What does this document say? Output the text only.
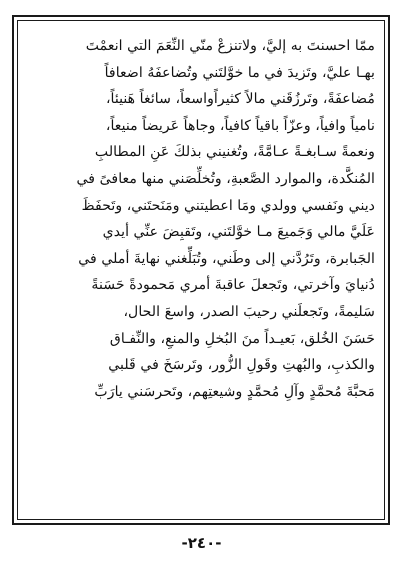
ممّا احسنتَ به إليَّ، ولاتنزعْ منّي النِّعَمَ التي انعمْتَ
بهـا عليَّ، وتَزيدَ في ما خوَّلتَني وتُضاعفَهُ اضعافاً
مُضاعفَةً، وتَرزُقَني مالاً كثيراًواسعاً، سائغاً هَنيئاً،
نامياً وافياً، وعزّاً باقياً كافياً، وجاهاً عَريضاً منيعاً،
ونعمةً سـابغـةً عـامَّةً، وتُغنيني بذلكَ عَنِ المطالبِ
المُنكَّدة، والموارد الصَّعبةِ، وتُخلِّصَني منها معافىً في
ديني ونَفسي وولدي ومَا اعطيتني ومَنَحتَني، وتَحفَظَ
عَلَيَّ مالي وَجَميعَ مـا خوَّلتَني، وتَقبِضَ عنِّي أيدي
الجَبابرة، وتَرُدَّني إلى وطَني، وتُبَلِّغني نهايةَ أملي في
دُنيايَ وآخرتي، وتَجعلَ عاقبةَ أمري مَحمودةً حَسَنةً
سَليمةً، وتَجعلَني رحيبَ الصدر، واسعَ الحال،
حَسَنَ الخُلق، بَعيـداً منَ البُخلِ والمنعِ، والنِّفـاق
والكذبِ، والبُهتِ وقَولِ الزُّور، وتَرسَخَ في قَلبي
مَحبَّةَ مُحمَّدٍ وآلِ مُحمَّدٍ وشيعتِهم، وتَحرسَني يارَبِّ
-٢٤٠-
